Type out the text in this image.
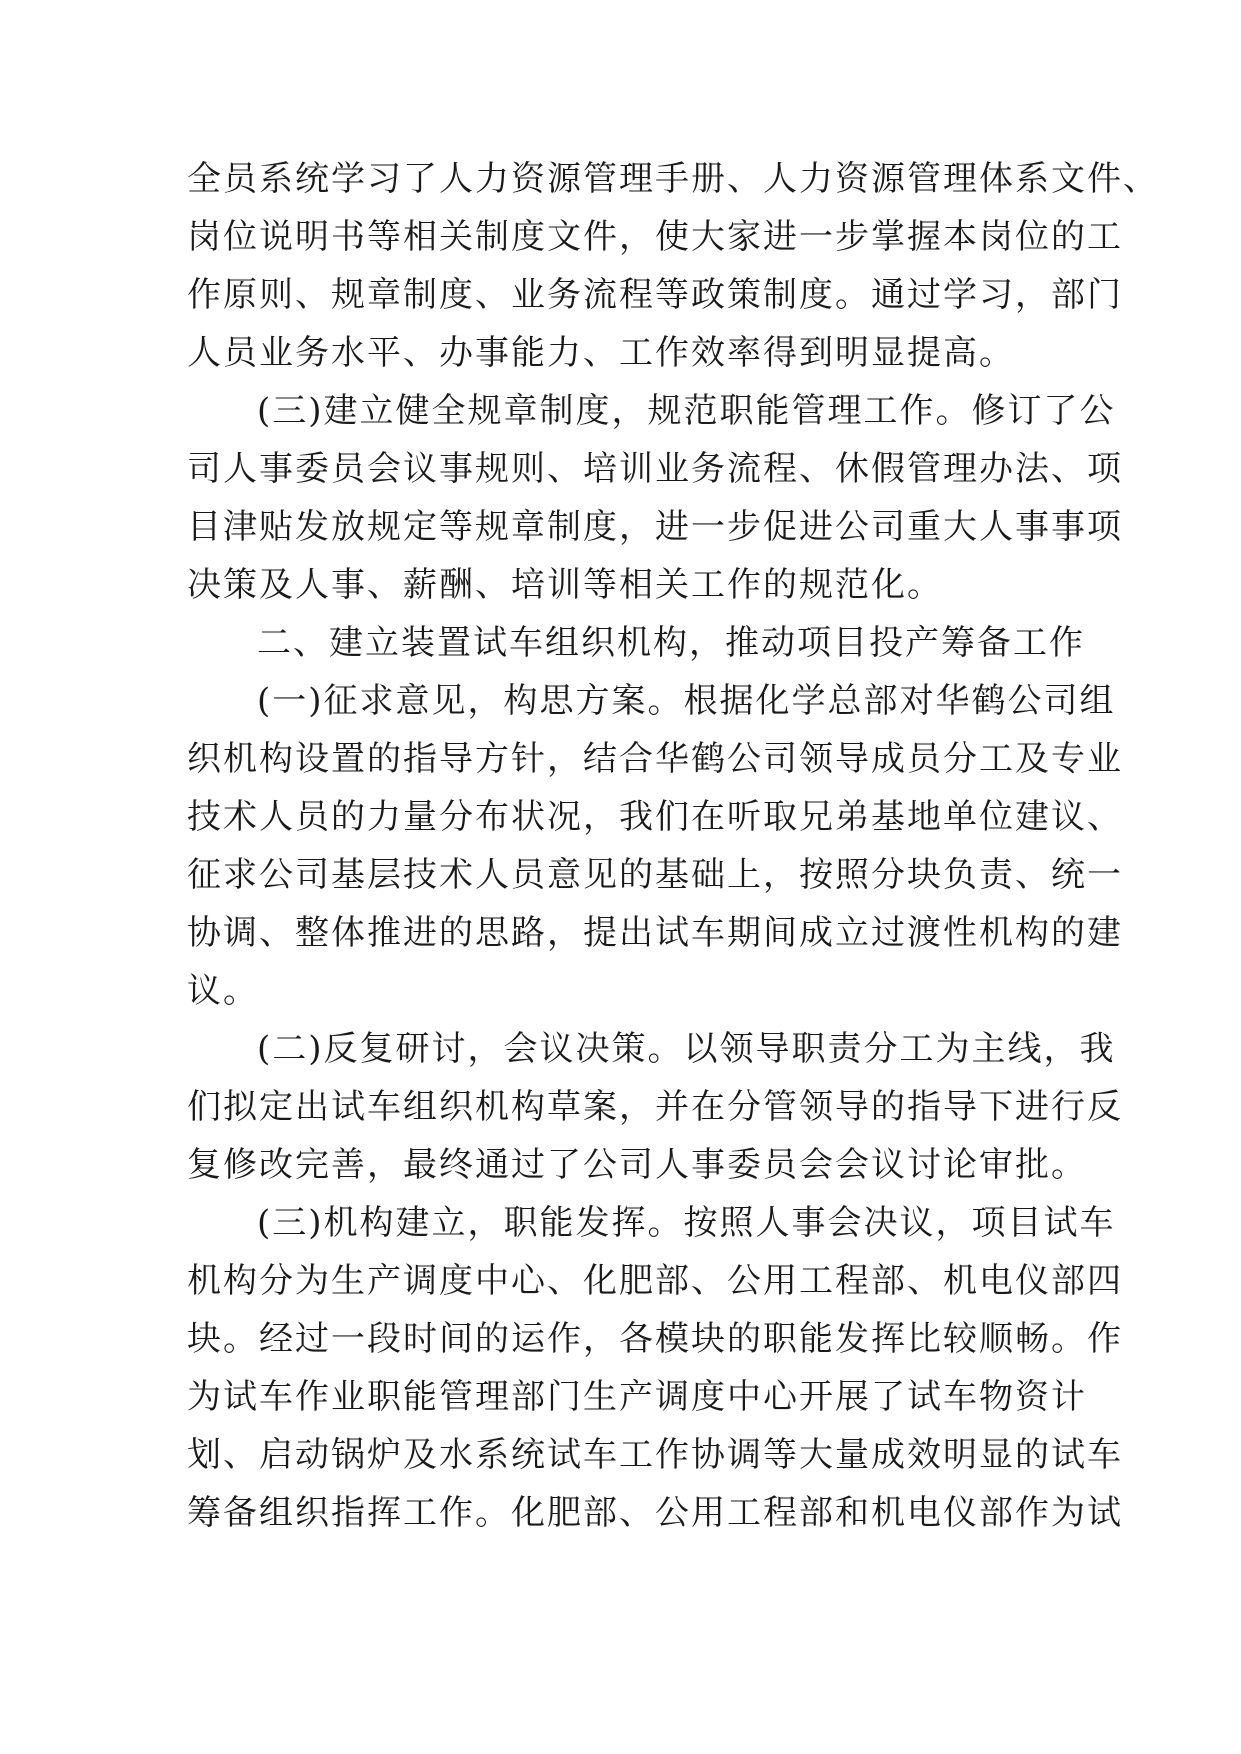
全员系统学习了人力资源管理手册、人力资源管理体系文件、
岗位说明书等相关制度文件，使大家进一步掌握本岗位的工
作原则、规章制度、业务流程等政策制度。通过学习，部门
人员业务水平、办事能力、工作效率得到明显提高。
(三)建立健全规章制度，规范职能管理工作。修订了公
司人事委员会议事规则、培训业务流程、休假管理办法、项
目津贴发放规定等规章制度，进一步促进公司重大人事事项
决策及人事、薪酬、培训等相关工作的规范化。
二、建立装置试车组织机构，推动项目投产筹备工作
(一)征求意见，构思方案。根据化学总部对华鹤公司组
织机构设置的指导方针，结合华鹤公司领导成员分工及专业
技术人员的力量分布状况，我们在听取兄弟基地单位建议、
征求公司基层技术人员意见的基础上，按照分块负责、统一
协调、整体推进的思路，提出试车期间成立过渡性机构的建
议。
(二)反复研讨，会议决策。以领导职责分工为主线，我
们拟定出试车组织机构草案，并在分管领导的指导下进行反
复修改完善，最终通过了公司人事委员会会议讨论审批。
(三)机构建立，职能发挥。按照人事会决议，项目试车
机构分为生产调度中心、化肥部、公用工程部、机电仪部四
块。经过一段时间的运作，各模块的职能发挥比较顺畅。作
为试车作业职能管理部门生产调度中心开展了试车物资计
划、启动锅炉及水系统试车工作协调等大量成效明显的试车
筹备组织指挥工作。化肥部、公用工程部和机电仪部作为试
